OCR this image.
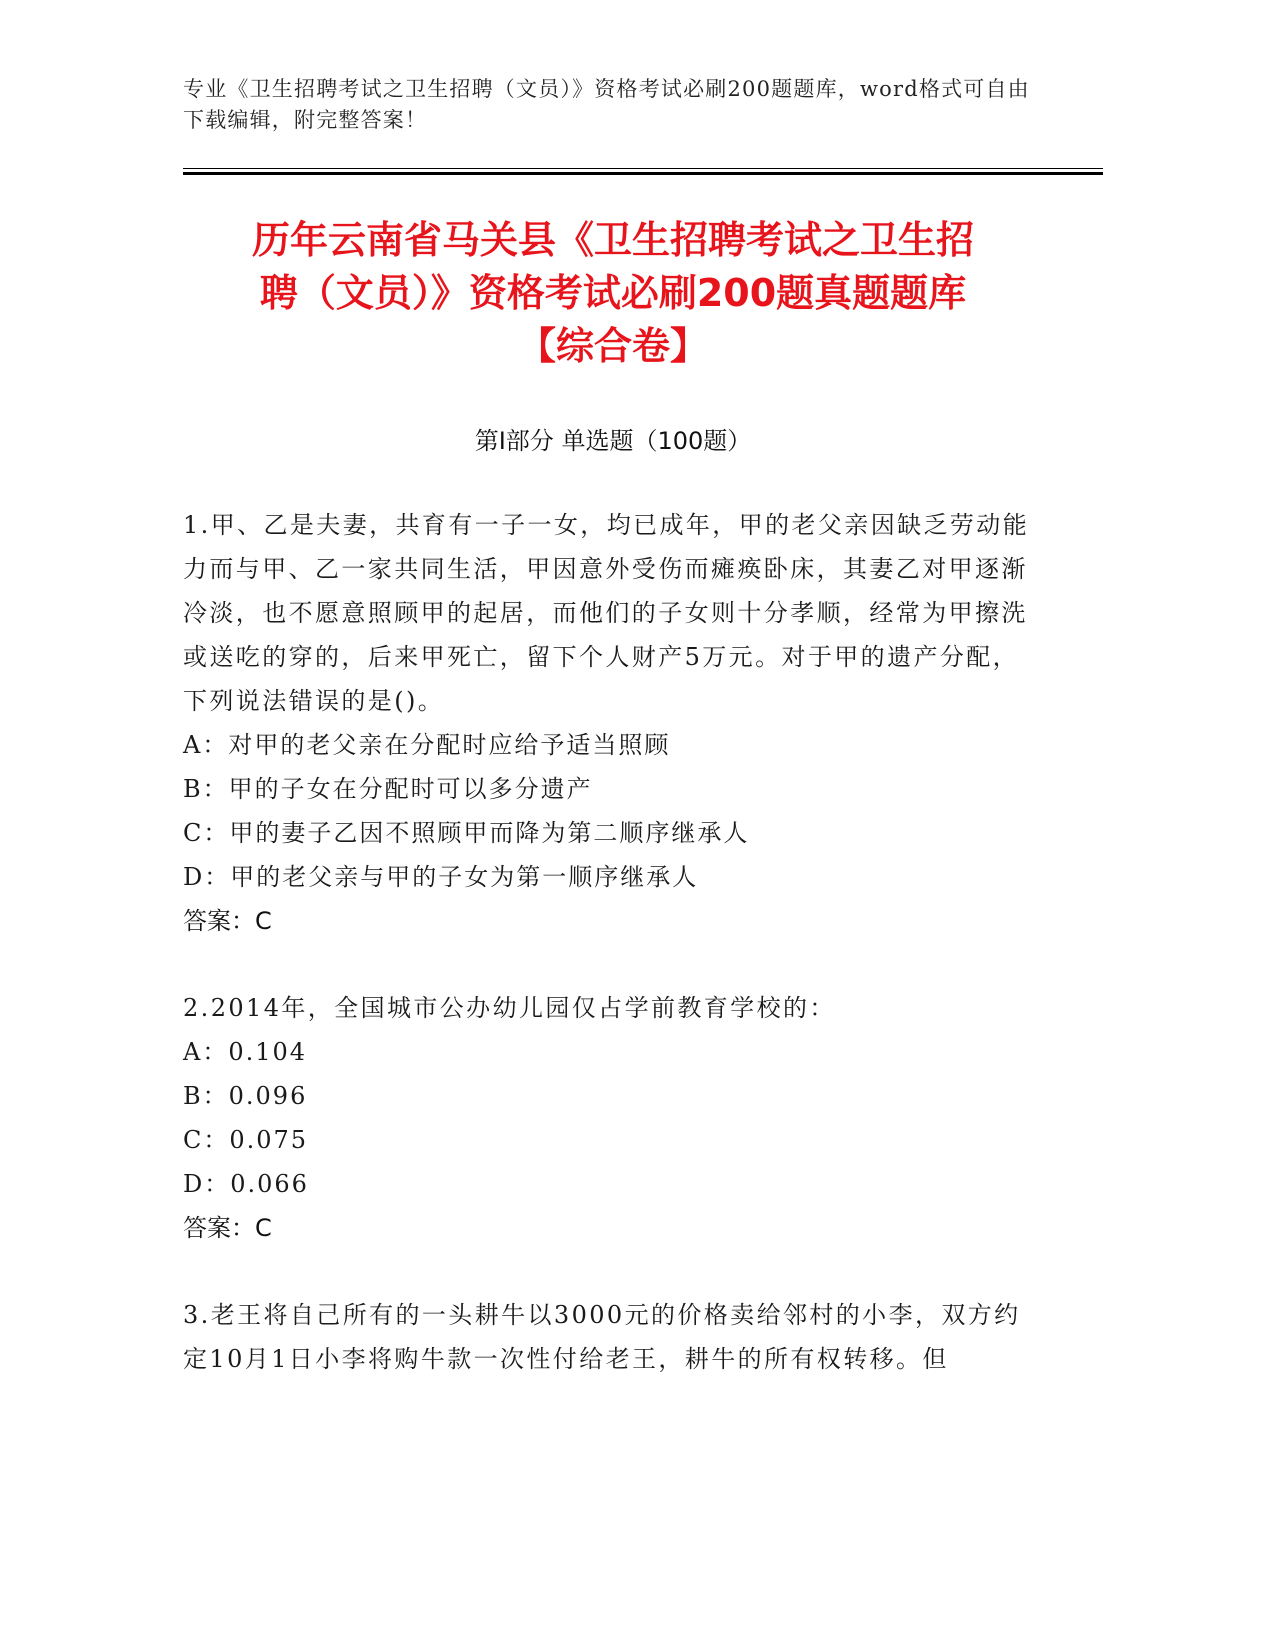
专业《卫生招聘考试之卫生招聘（文员）》资格考试必刷200题题库，word格式可自由下载编辑，附完整答案！
历年云南省马关县《卫生招聘考试之卫生招
聘（文员）》资格考试必刷200题真题题库
【综合卷】
第I部分 单选题（100题）

1.甲、乙是夫妻，共育有一子一女，均已成年，甲的老父亲因缺乏劳动能力而与甲、乙一家共同生活，甲因意外受伤而瘫痪卧床，其妻乙对甲逐渐冷淡，也不愿意照顾甲的起居，而他们的子女则十分孝顺，经常为甲擦洗或送吃的穿的，后来甲死亡，留下个人财产5万元。对于甲的遗产分配，下列说法错误的是()。

A：对甲的老父亲在分配时应给予适当照顾

B：甲的子女在分配时可以多分遗产

C：甲的妻子乙因不照顾甲而降为第二顺序继承人

D：甲的老父亲与甲的子女为第一顺序继承人

答案：C

2.2014年，全国城市公办幼儿园仅占学前教育学校的：

A：0.104

B：0.096

C：0.075

D：0.066

答案：C

3.老王将自己所有的一头耕牛以3000元的价格卖给邻村的小李，双方约定10月1日小李将购牛款一次性付给老王，耕牛的所有权转移。但
